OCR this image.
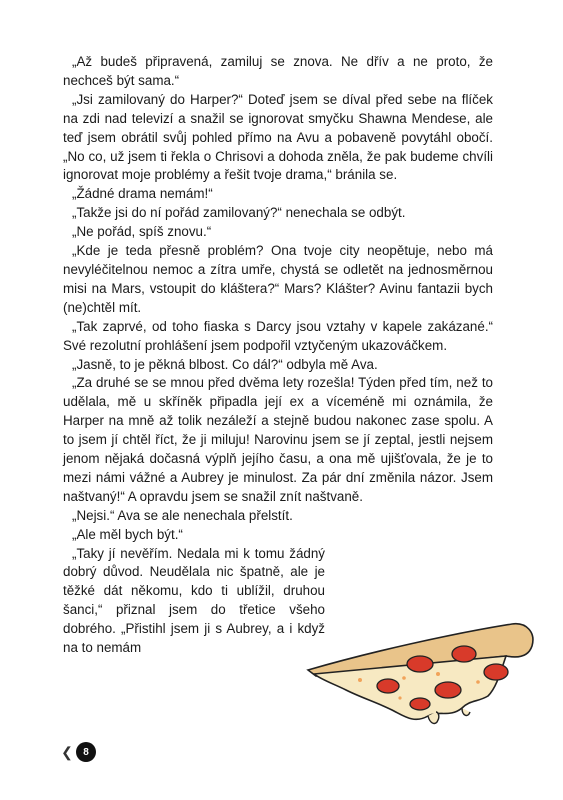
„Až budeš připravená, zamiluj se znova. Ne dřív a ne proto, že nechceš být sama.“

„Jsi zamilovaný do Harper?“ Doteď jsem se díval před sebe na flíček na zdi nad televizí a snažil se ignorovat smyčku Shawna Mendese, ale teď jsem obrátil svůj pohled přímo na Avu a pobaveně povytáhl obočí. „No co, už jsem ti řekla o Chrisovi a dohoda zněla, že pak budeme chvíli ignorovat moje problémy a řešit tvoje drama,“ bránila se.

„Žádné drama nemám!“

„Takže jsi do ní pořád zamilovaný?“ nenechala se odbýt.

„Ne pořád, spíš znovu.“

„Kde je teda přesně problém? Ona tvoje city neopětuje, nebo má nevyléčitelnou nemoc a zítra umře, chystá se odletět na jednosměrnou misi na Mars, vstoupit do kláštera?“ Mars? Klášter? Avinu fantazii bych (ne)chtěl mít.

„Tak zaprvé, od toho fiaska s Darcy jsou vztahy v kapele zakázané.“ Své rezolutní prohlášení jsem podpořil vztyčeným ukazováčkem.

„Jasně, to je pěkná blbost. Co dál?“ odbyla mě Ava.

„Za druhé se se mnou před dvěma lety rozešla! Týden před tím, než to udělala, mě u skříněk připadla její ex a víceméně mi oznámila, že Harper na mně až tolik nezáleží a stejně budou nakonec zase spolu. A to jsem jí chtěl říct, že ji miluju! Narovinu jsem se jí zeptal, jestli nejsem jenom nějaká dočasná výplň jejího času, a ona mě ujišťovala, že je to mezi námi vážné a Aubrey je minulost. Za pár dní změnila názor. Jsem naštvaný!“ A opravdu jsem se snažil znít naštvaně.

„Nejsi.“ Ava se ale nenechala přelstít.

„Ale měl bych být.“

„Taky jí nevěřím. Nedala mi k tomu žádný dobrý důvod. Neudělala nic špatně, ale je těžké dát někomu, kdo ti ublížil, druhou šanci,“ přiznal jsem do třetice všeho dobrého. „Přistihl jsem ji s Aubrey, a i když na to nemám

❮	8
